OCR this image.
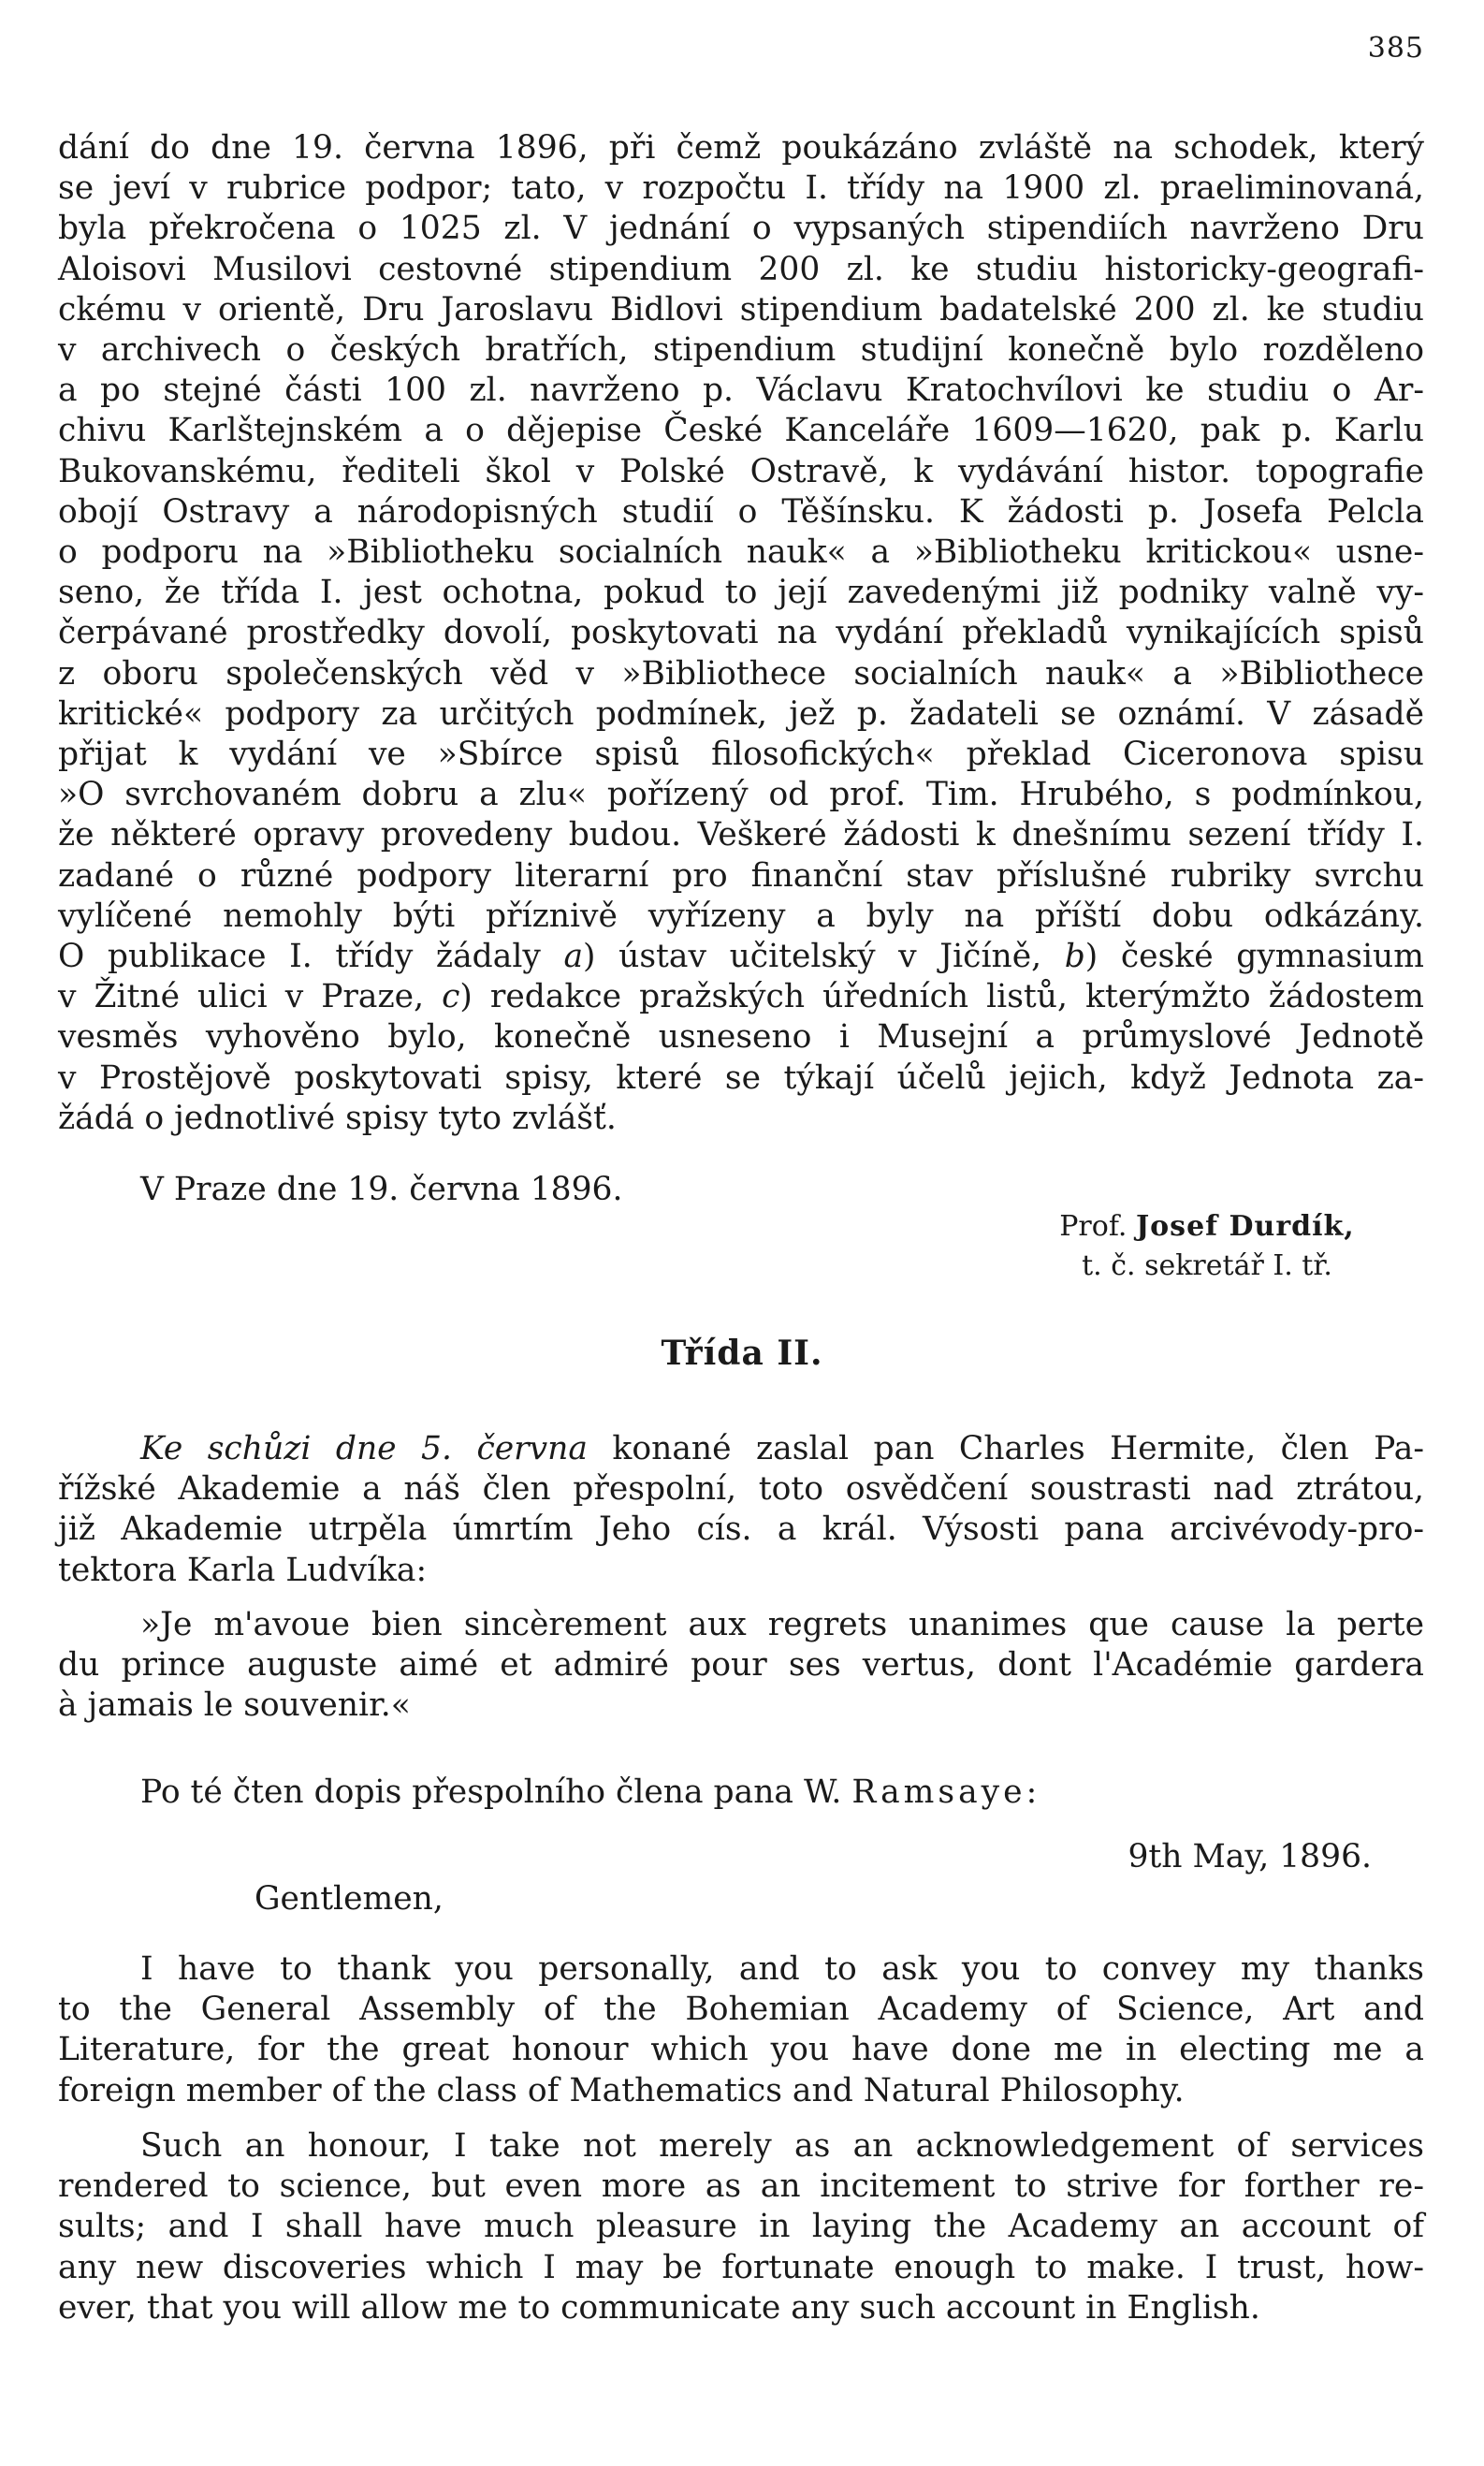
385
dání do dne 19. června 1896, při čemž poukázáno zvláště na schodek, který
se jeví v rubrice podpor; tato, v rozpočtu I. třídy na 1900 zl. praeliminovaná,
byla překročena o 1025 zl. V jednání o vypsaných stipendiích navrženo Dru
Aloisovi Musilovi cestovné stipendium 200 zl. ke studiu historicky-geografi-
ckému v orientě, Dru Jaroslavu Bidlovi stipendium badatelské 200 zl. ke studiu
v archivech o českých bratřích, stipendium studijní konečně bylo rozděleno
a po stejné části 100 zl. navrženo p. Václavu Kratochvílovi ke studiu o Ar-
chivu Karlštejnském a o dějepise České Kanceláře 1609—1620, pak p. Karlu
Bukovanskému, řediteli škol v Polské Ostravě, k vydávání histor. topografie
obojí Ostravy a národopisných studií o Těšínsku. K žádosti p. Josefa Pelcla
o podporu na »Bibliotheku socialních nauk« a »Bibliotheku kritickou« usne-
seno, že třída I. jest ochotna, pokud to její zavedenými již podniky valně vy-
čerpávané prostředky dovolí, poskytovati na vydání překladů vynikajících spisů
z oboru společenských věd v »Bibliothece socialních nauk« a »Bibliothece
kritické« podpory za určitých podmínek, jež p. žadateli se oznámí. V zásadě
přijat k vydání ve »Sbírce spisů filosofických« překlad Ciceronova spisu
»O svrchovaném dobru a zlu« pořízený od prof. Tim. Hrubého, s podmínkou,
že některé opravy provedeny budou. Veškeré žádosti k dnešnímu sezení třídy I.
zadané o různé podpory literarní pro finanční stav příslušné rubriky svrchu
vylíčené nemohly býti příznivě vyřízeny a byly na příští dobu odkázány.
O publikace I. třídy žádaly a) ústav učitelský v Jičíně, b) české gymnasium
v Žitné ulici v Praze, c) redakce pražských úředních listů, kterýmžto žádostem
vesměs vyhověno bylo, konečně usneseno i Musejní a průmyslové Jednotě
v Prostějově poskytovati spisy, které se týkají účelů jejich, když Jednota za-
žádá o jednotlivé spisy tyto zvlášť.
V Praze dne 19. června 1896.
Prof. Josef Durdík,
t. č. sekretář I. tř.
Třída II.
Ke schůzi dne 5. června konané zaslal pan Charles Hermite, člen Pa-
řížské Akademie a náš člen přespolní, toto osvědčení soustrasti nad ztrátou,
již Akademie utrpěla úmrtím Jeho cís. a král. Výsosti pana arcivévody-pro-
tektora Karla Ludvíka:
»Je m'avoue bien sincèrement aux regrets unanimes que cause la perte
du prince auguste aimé et admiré pour ses vertus, dont l'Académie gardera
à jamais le souvenir.«
Po té čten dopis přespolního člena pana W. Ramsaye:
9th May, 1896.
Gentlemen,
I have to thank you personally, and to ask you to convey my thanks
to the General Assembly of the Bohemian Academy of Science, Art and
Literature, for the great honour which you have done me in electing me a
foreign member of the class of Mathematics and Natural Philosophy.
Such an honour, I take not merely as an acknowledgement of services
rendered to science, but even more as an incitement to strive for forther re-
sults; and I shall have much pleasure in laying the Academy an account of
any new discoveries which I may be fortunate enough to make. I trust, how-
ever, that you will allow me to communicate any such account in English.
